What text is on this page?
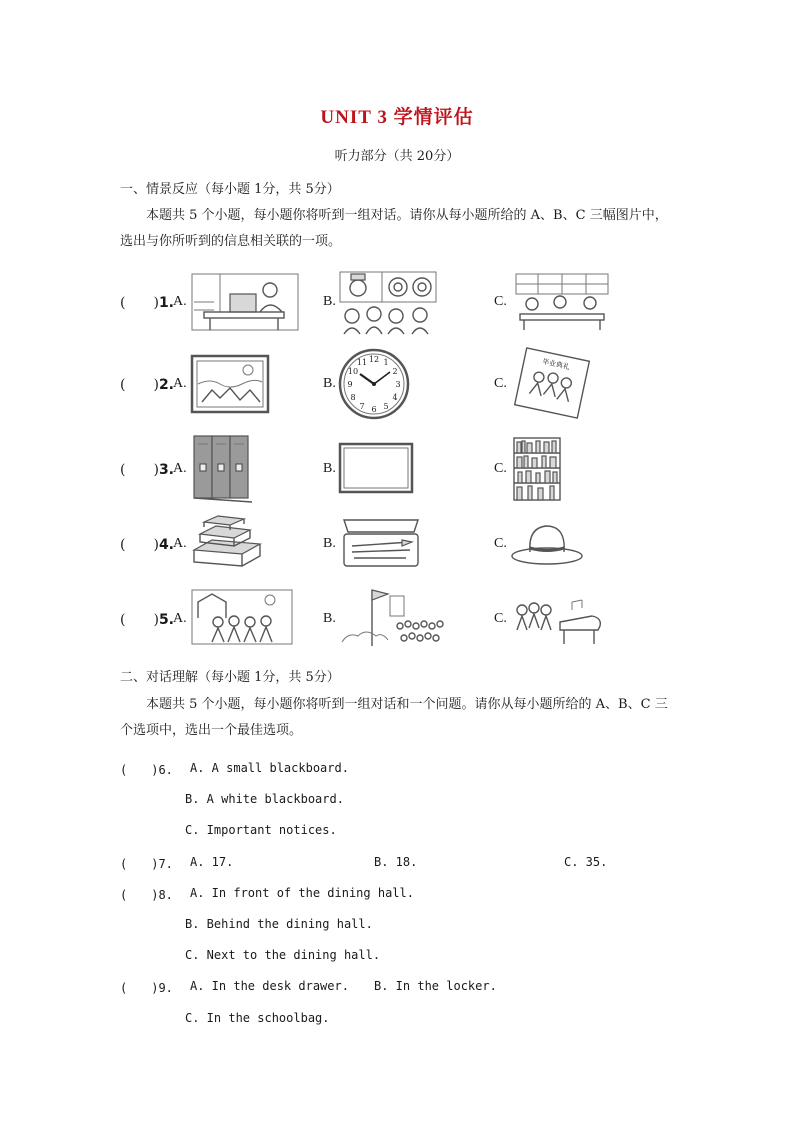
UNIT 3 学情评估
听力部分（共 20分）
一、情景反应（每小题 1分，共 5分）
本题共 5 个小题，每小题你将听到一组对话。请你从每小题所给的 A、B、C 三幅图片中，选出与你所听到的信息相关联的一项。
(　　)1. A.	B.	C.
(　　)2. A.	B.	C.
12 1
2
3
4
5
6
7
8
9
10
11	毕业典礼
(　　)3. A.	B.	C.
(　　)4. A.	B.	C.
(　　)5. A.	B.	C.
二、对话理解（每小题 1分，共 5分）
本题共 5 个小题，每小题你将听到一组对话和一个问题。请你从每小题所给的 A、B、C 三个选项中，选出一个最佳选项。
(　　)6. A. A small blackboard.
B. A white blackboard.
C. Important notices.
(　　)7. A. 17.	B. 18.	C. 35.
(　　)8. A. In front of the dining hall.
B. Behind the dining hall.
C. Next to the dining hall.
(　　)9. A. In the desk drawer. B. In the locker.
C. In the schoolbag.
